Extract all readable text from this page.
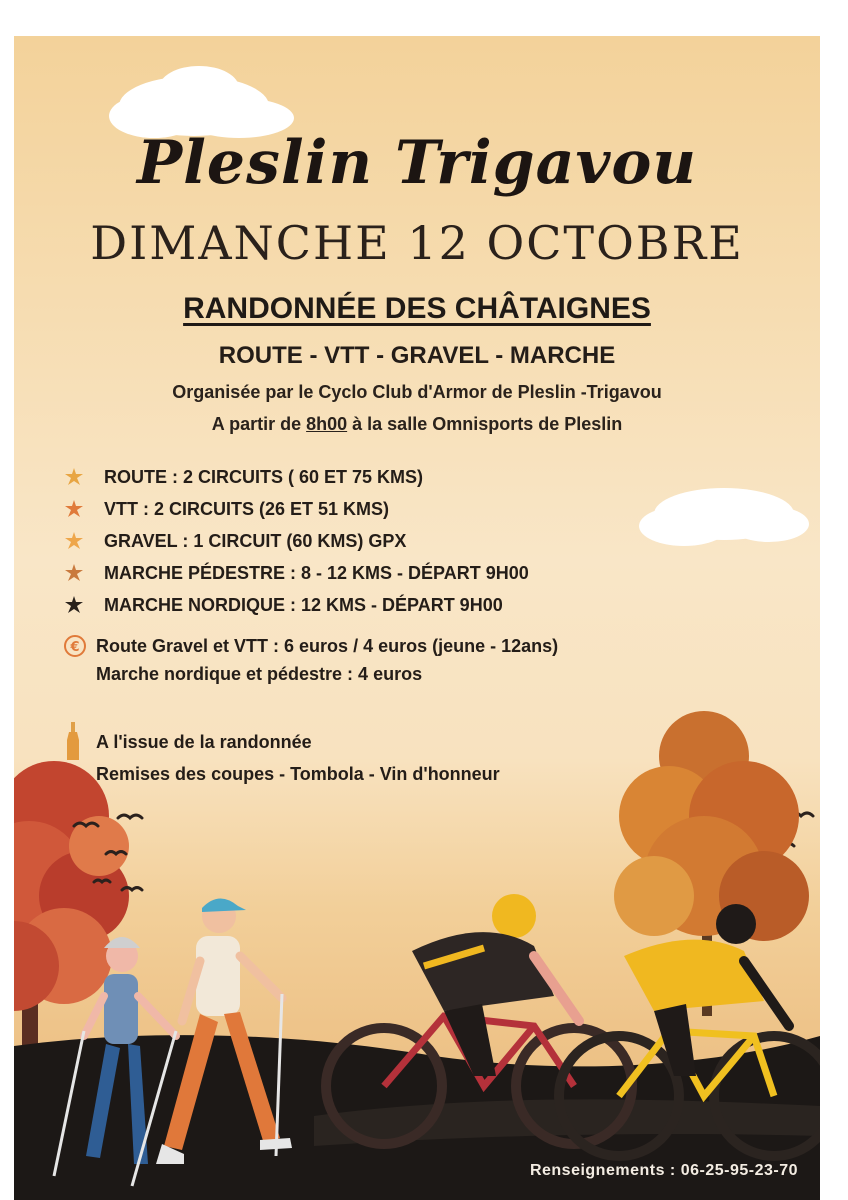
Pleslin Trigavou
DIMANCHE 12 OCTOBRE
RANDONNÉE DES CHÂTAIGNES
ROUTE - VTT - GRAVEL - MARCHE
Organisée par le Cyclo Club d'Armor de Pleslin -Trigavou
A partir de 8h00 à la salle Omnisports de Pleslin
ROUTE : 2 CIRCUITS ( 60 ET 75 KMS)
VTT : 2 CIRCUITS (26 ET 51 KMS)
GRAVEL : 1 CIRCUIT (60 KMS) GPX
MARCHE PÉDESTRE : 8 - 12 KMS - DÉPART 9H00
MARCHE NORDIQUE : 12 KMS - DÉPART 9H00
€ Route Gravel et VTT : 6 euros / 4 euros (jeune - 12ans)
Marche nordique et pédestre : 4 euros
A l'issue de la randonnée
Remises des coupes - Tombola - Vin d'honneur
Renseignements : 06-25-95-23-70
